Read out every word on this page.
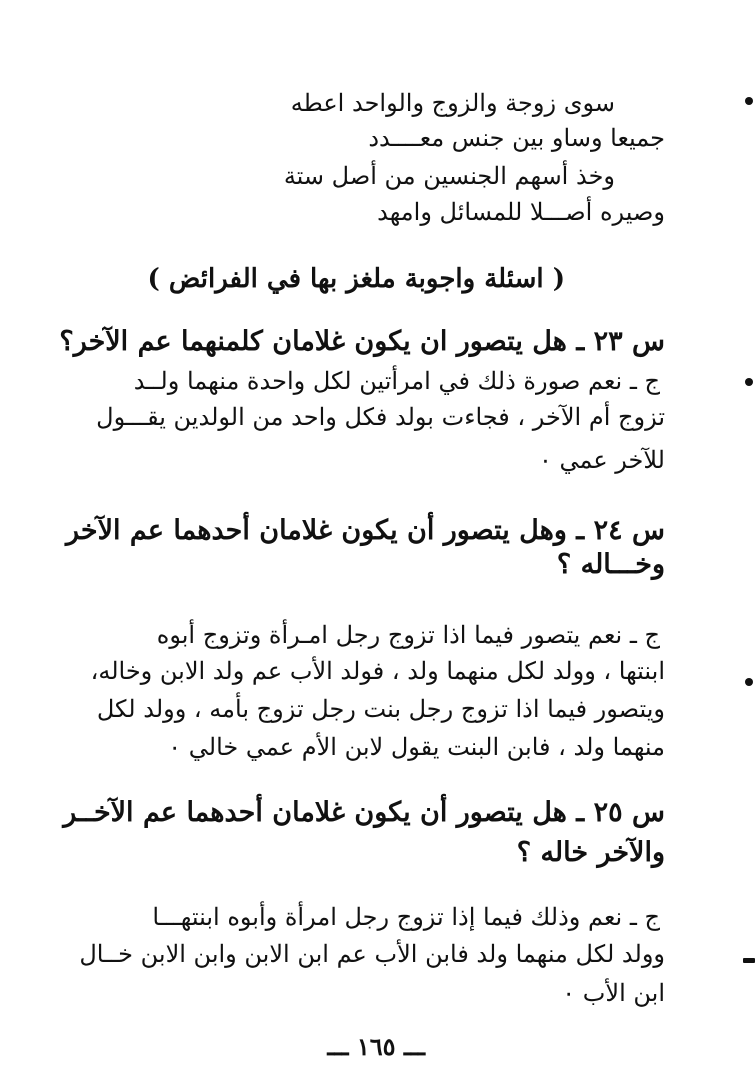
سوى زوجة والزوج والواحد اعطه
جميعا وساو بين جنس معــــدد
وخذ أسهم الجنسين من أصل ستة
وصيره أصـــلا للمسائل وامهد
( اسئلة واجوبة ملغز بها في الفرائض )
س ٢٣ ـ هل يتصور ان يكون غلامان كلمنهما عم الآخر؟
ج ـ نعم صورة ذلك في امرأتين لكل واحدة منهما ولــد
تزوج أم الآخر ، فجاءت بولد فكل واحد من الولدين يقـــول
للآخر عمي ٠
س ٢٤ ـ وهل يتصور أن يكون غلامان أحدهما عم الآخر
وخـــاله ؟
ج ـ نعم يتصور فيما اذا تزوج رجل امـرأة وتزوج أبوه
ابنتها ، وولد لكل منهما ولد ، فولد الأب عم ولد الابن وخاله،
ويتصور فيما اذا تزوج رجل بنت رجل تزوج بأمه ، وولد لكل
منهما ولد ، فابن البنت يقول لابن الأم عمي خالي ٠
س ٢٥ ـ هل يتصور أن يكون غلامان أحدهما عم الآخــر
والآخر خاله ؟
ج ـ نعم وذلك فيما إذا تزوج رجل امرأة وأبوه ابنتهـــا
وولد لكل منهما ولد فابن الأب عم ابن الابن وابن الابن خــال
ابن الأب ٠
ـــ ١٦٥ ـــ
